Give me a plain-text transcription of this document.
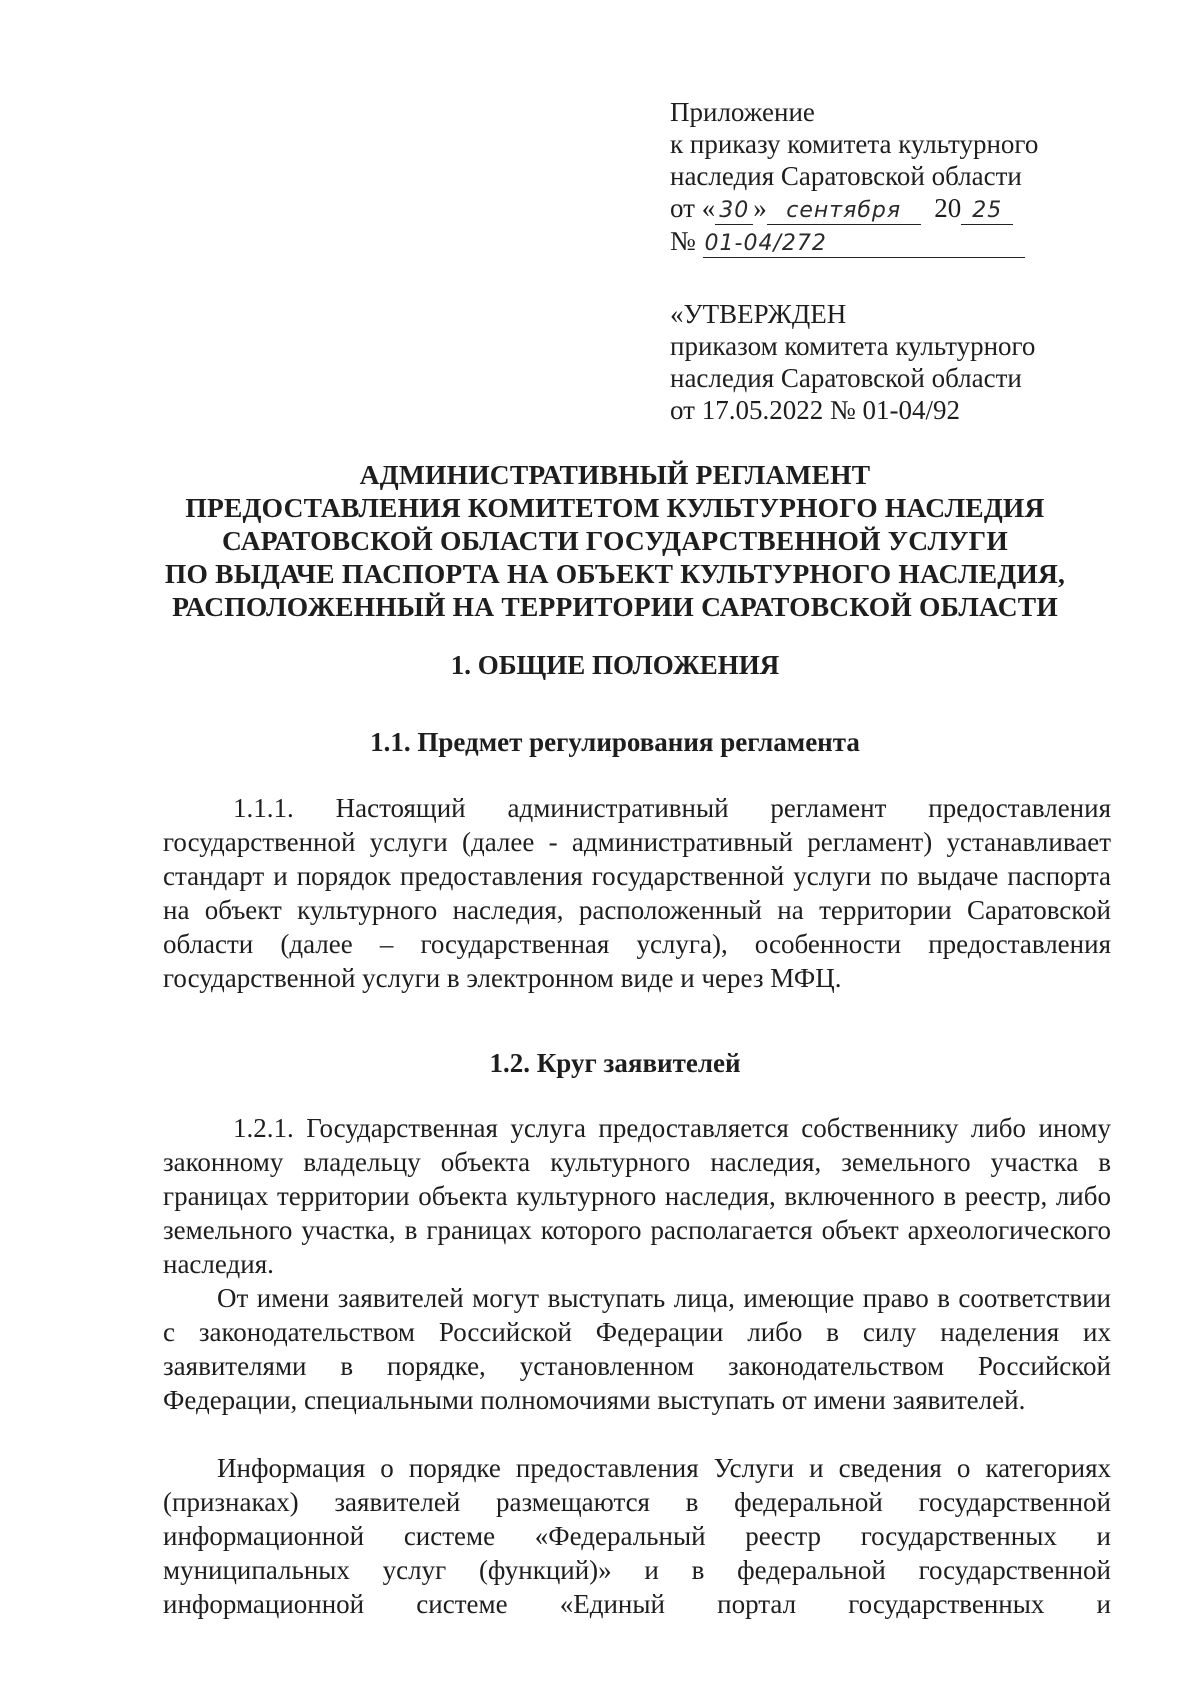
Приложение
к приказу комитета культурного
наследия Саратовской области
от « 30 » сентября 20 25
№ 01-04/272
«УТВЕРЖДЕН
приказом комитета культурного
наследия Саратовской области
от 17.05.2022 № 01-04/92
АДМИНИСТРАТИВНЫЙ РЕГЛАМЕНТ
ПРЕДОСТАВЛЕНИЯ КОМИТЕТОМ КУЛЬТУРНОГО НАСЛЕДИЯ
САРАТОВСКОЙ ОБЛАСТИ ГОСУДАРСТВЕННОЙ УСЛУГИ
ПО ВЫДАЧЕ ПАСПОРТА НА ОБЪЕКТ КУЛЬТУРНОГО НАСЛЕДИЯ,
РАСПОЛОЖЕННЫЙ НА ТЕРРИТОРИИ САРАТОВСКОЙ ОБЛАСТИ
1. ОБЩИЕ ПОЛОЖЕНИЯ
1.1. Предмет регулирования регламента
1.1.1. Настоящий административный регламент предоставления государственной услуги (далее - административный регламент) устанавливает стандарт и порядок предоставления государственной услуги по выдаче паспорта на объект культурного наследия, расположенный на территории Саратовской области (далее – государственная услуга), особенности предоставления государственной услуги в электронном виде и через МФЦ.
1.2. Круг заявителей
1.2.1. Государственная услуга предоставляется собственнику либо иному законному владельцу объекта культурного наследия, земельного участка в границах территории объекта культурного наследия, включенного в реестр, либо земельного участка, в границах которого располагается объект археологического наследия.
От имени заявителей могут выступать лица, имеющие право в соответствии с законодательством Российской Федерации либо в силу наделения их заявителями в порядке, установленном законодательством Российской Федерации, специальными полномочиями выступать от имени заявителей.
Информация о порядке предоставления Услуги и сведения о категориях (признаках) заявителей размещаются в федеральной государственной информационной системе «Федеральный реестр государственных и муниципальных услуг (функций)» и в федеральной государственной информационной системе «Единый портал государственных и
